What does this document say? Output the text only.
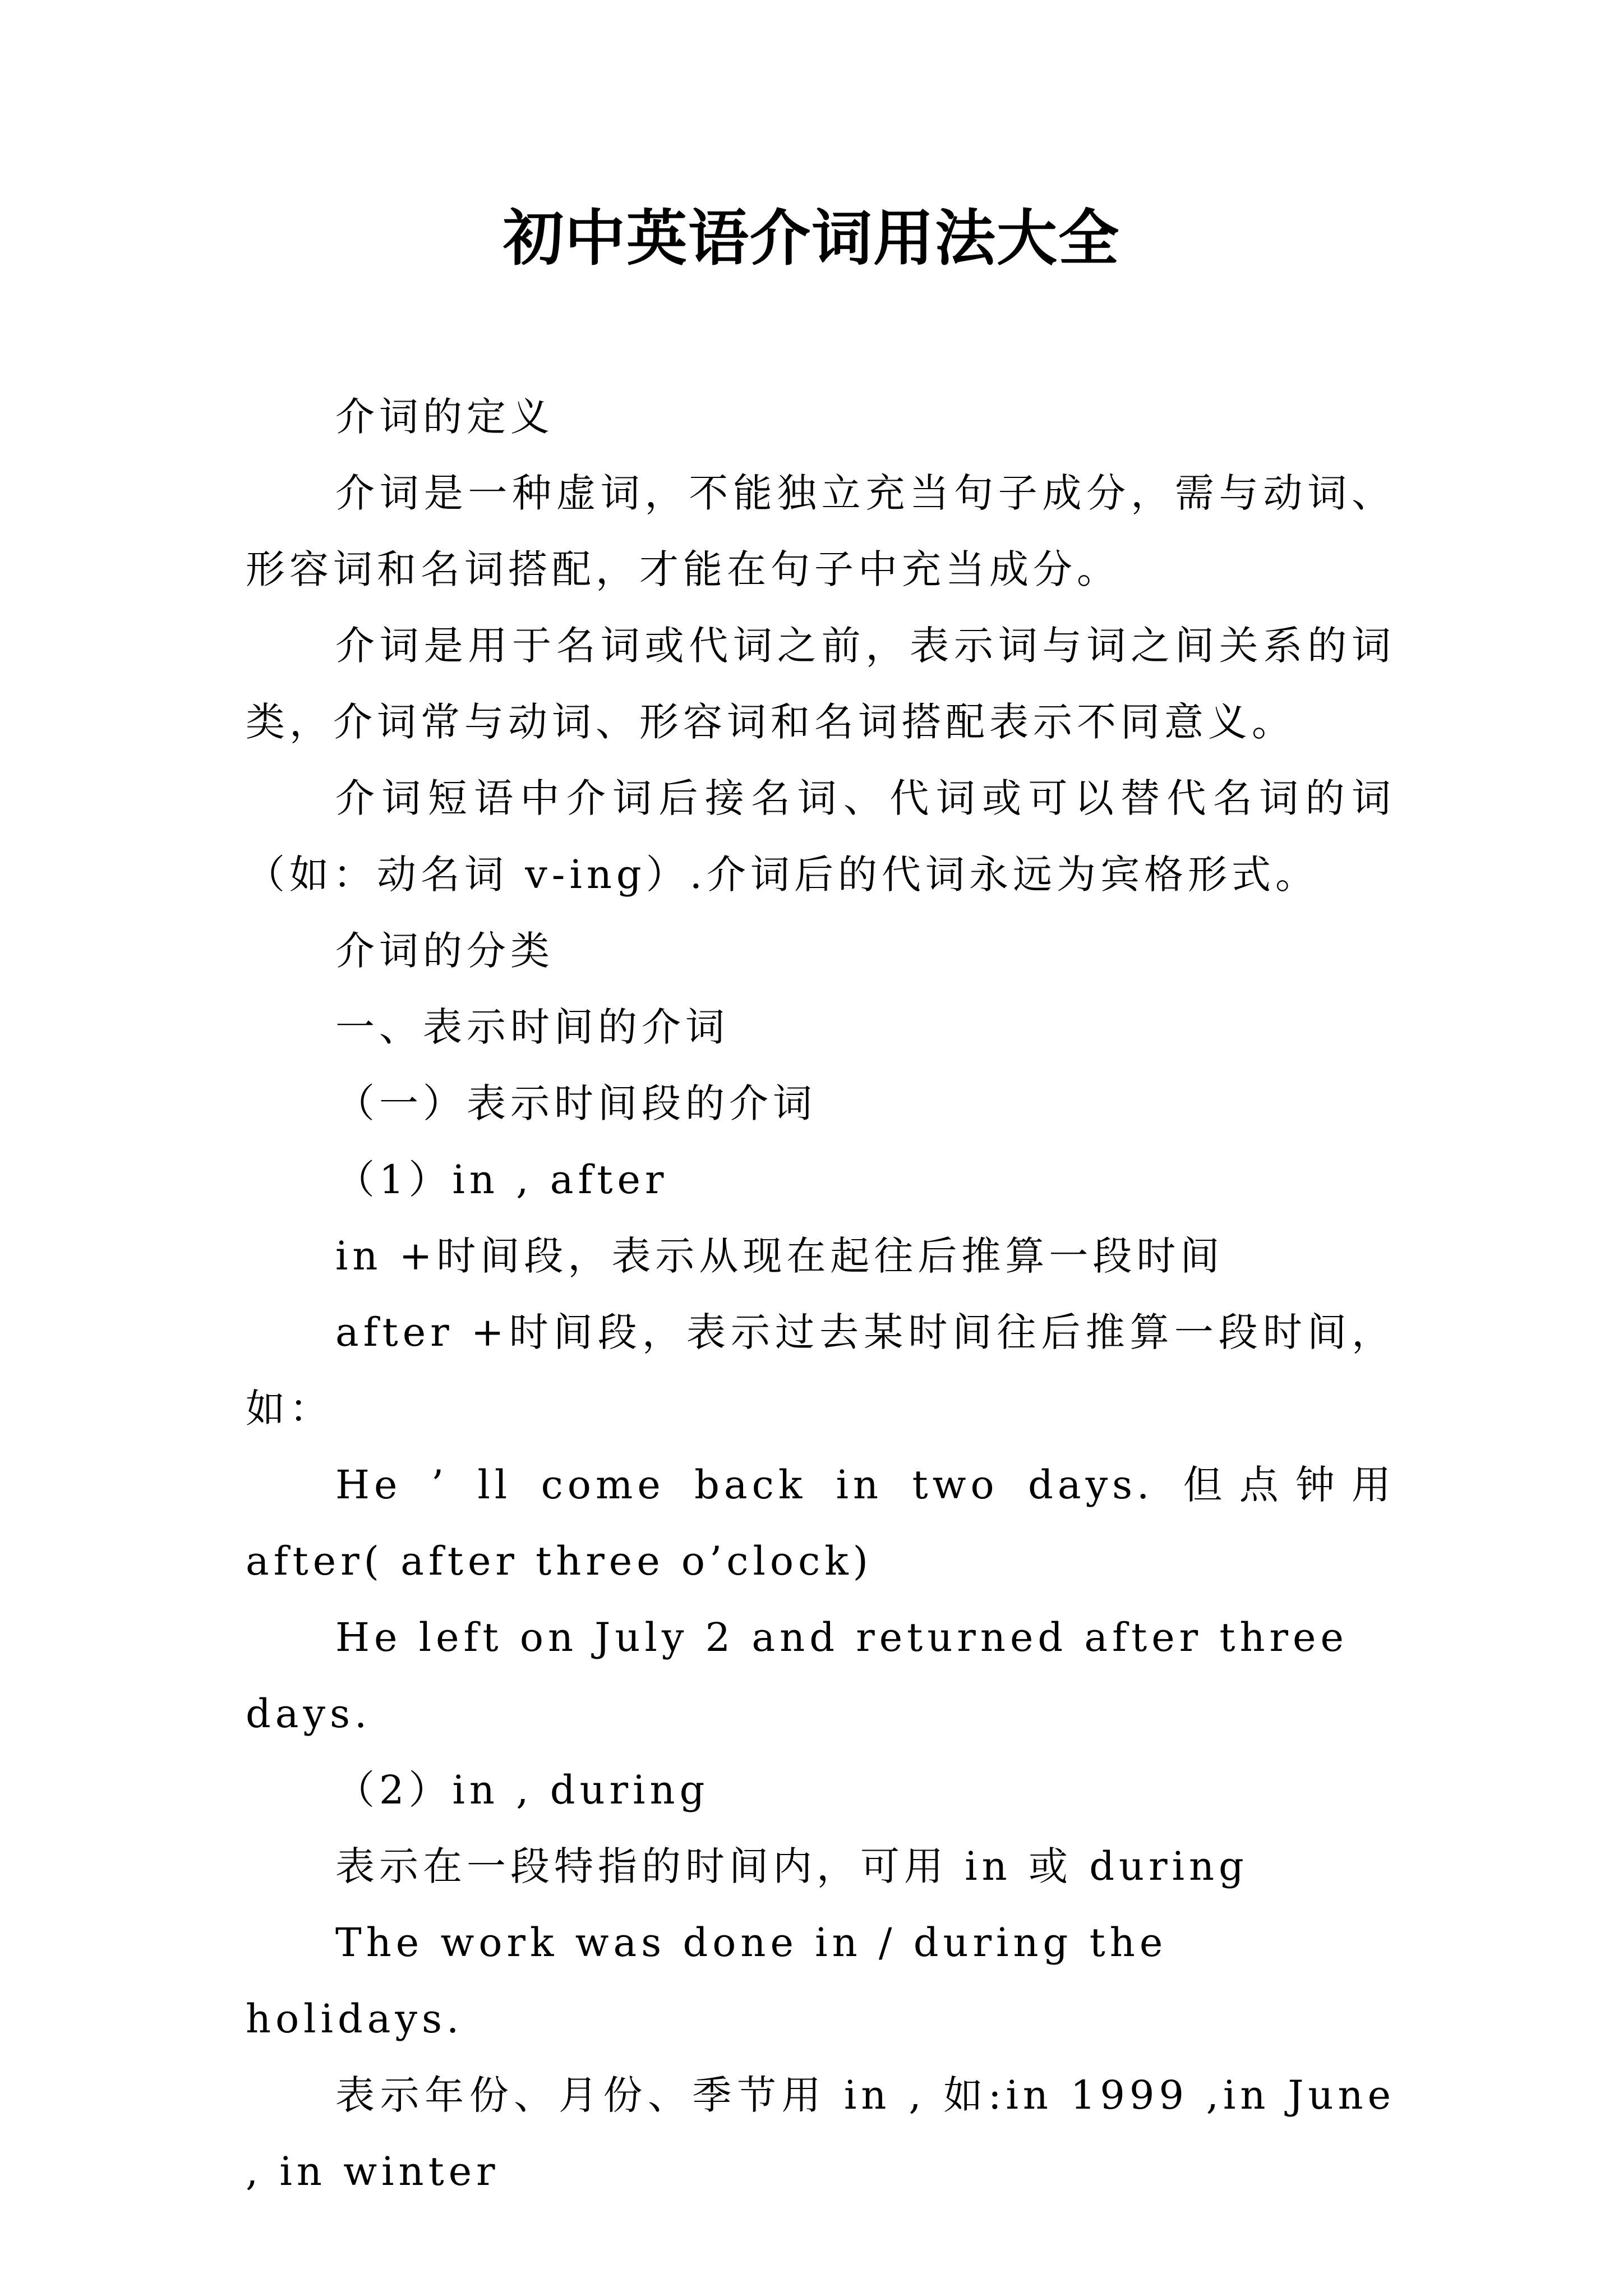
初中英语介词用法大全

介词的定义

介词是一种虚词，不能独立充当句子成分，需与动词、形容词和名词搭配，才能在句子中充当成分。

介词是用于名词或代词之前，表示词与词之间关系的词类，介词常与动词、形容词和名词搭配表示不同意义。

介词短语中介词后接名词、代词或可以替代名词的词（如：动名词 v-ing）.介词后的代词永远为宾格形式。

介词的分类

一、表示时间的介词

（一）表示时间段的介词

（1）in , after

in +时间段，表示从现在起往后推算一段时间

after +时间段，表示过去某时间往后推算一段时间，如：

He ’ ll come back in two days. 但点钟用 after( after three o’clock)

He left on July 2 and returned after three days.

（2）in , during

表示在一段特指的时间内，可用 in 或 during

The work was done in / during the holidays.

表示年份、月份、季节用 in , 如:in 1999 ,in June , in winter
